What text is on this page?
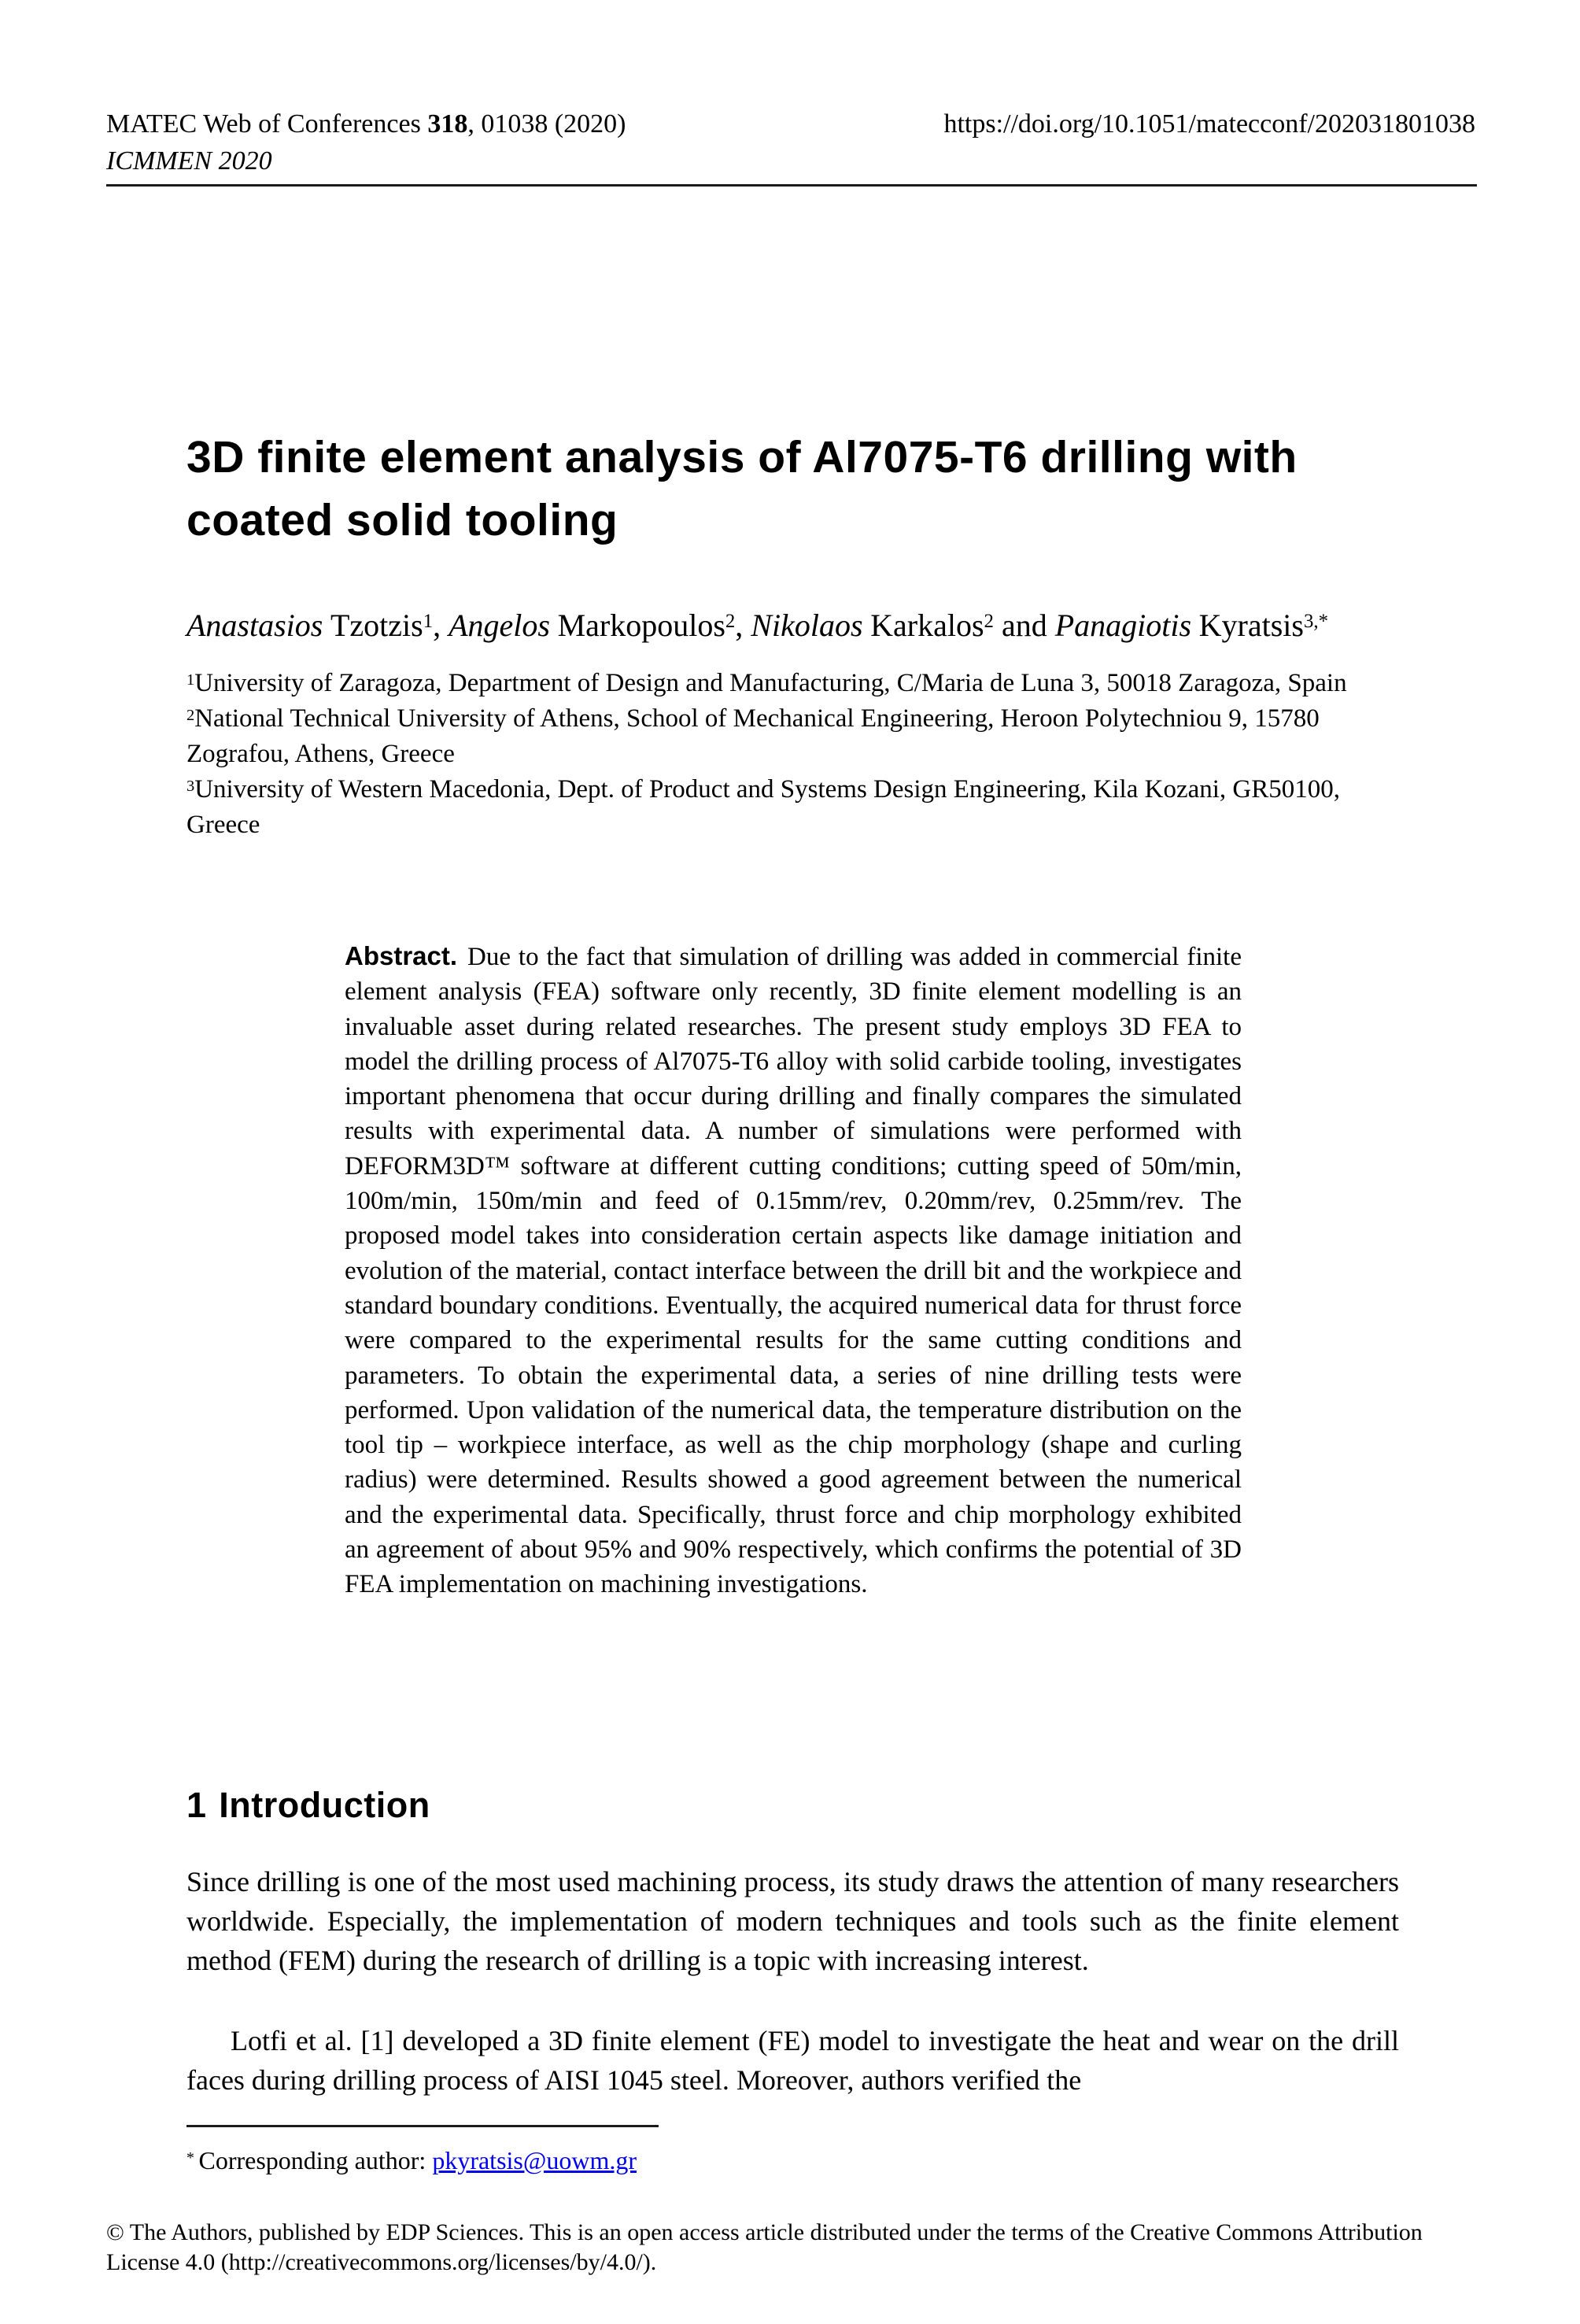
MATEC Web of Conferences 318, 01038 (2020)
ICMMEN 2020
https://doi.org/10.1051/matecconf/202031801038
3D finite element analysis of Al7075-T6 drilling with coated solid tooling
Anastasios Tzotzis$^1$, Angelos Markopoulos$^2$, Nikolaos Karkalos$^2$ and Panagiotis Kyratsis$^{3,*}$
$^1$University of Zaragoza, Department of Design and Manufacturing, C/Maria de Luna 3, 50018 Zaragoza, Spain
$^2$National Technical University of Athens, School of Mechanical Engineering, Heroon Polytechniou 9, 15780 Zografou, Athens, Greece
$^3$University of Western Macedonia, Dept. of Product and Systems Design Engineering, Kila Kozani, GR50100, Greece

Abstract. Due to the fact that simulation of drilling was added in commercial finite element analysis (FEA) software only recently, 3D finite element modelling is an invaluable asset during related researches. The present study employs 3D FEA to model the drilling process of Al7075-T6 alloy with solid carbide tooling, investigates important phenomena that occur during drilling and finally compares the simulated results with experimental data. A number of simulations were performed with DEFORM3D™ software at different cutting conditions; cutting speed of 50m/min, 100m/min, 150m/min and feed of 0.15mm/rev, 0.20mm/rev, 0.25mm/rev. The proposed model takes into consideration certain aspects like damage initiation and evolution of the material, contact interface between the drill bit and the workpiece and standard boundary conditions. Eventually, the acquired numerical data for thrust force were compared to the experimental results for the same cutting conditions and parameters. To obtain the experimental data, a series of nine drilling tests were performed. Upon validation of the numerical data, the temperature distribution on the tool tip – workpiece interface, as well as the chip morphology (shape and curling radius) were determined. Results showed a good agreement between the numerical and the experimental data. Specifically, thrust force and chip morphology exhibited an agreement of about 95% and 90% respectively, which confirms the potential of 3D FEA implementation on machining investigations.

1 Introduction

Since drilling is one of the most used machining process, its study draws the attention of many researchers worldwide. Especially, the implementation of modern techniques and tools such as the finite element method (FEM) during the research of drilling is a topic with increasing interest.

Lotfi et al. [1] developed a 3D finite element (FE) model to investigate the heat and wear on the drill faces during drilling process of AISI 1045 steel. Moreover, authors verified the

* Corresponding author: pkyratsis@uowm.gr
© The Authors, published by EDP Sciences. This is an open access article distributed under the terms of the Creative Commons Attribution License 4.0 (http://creativecommons.org/licenses/by/4.0/).
